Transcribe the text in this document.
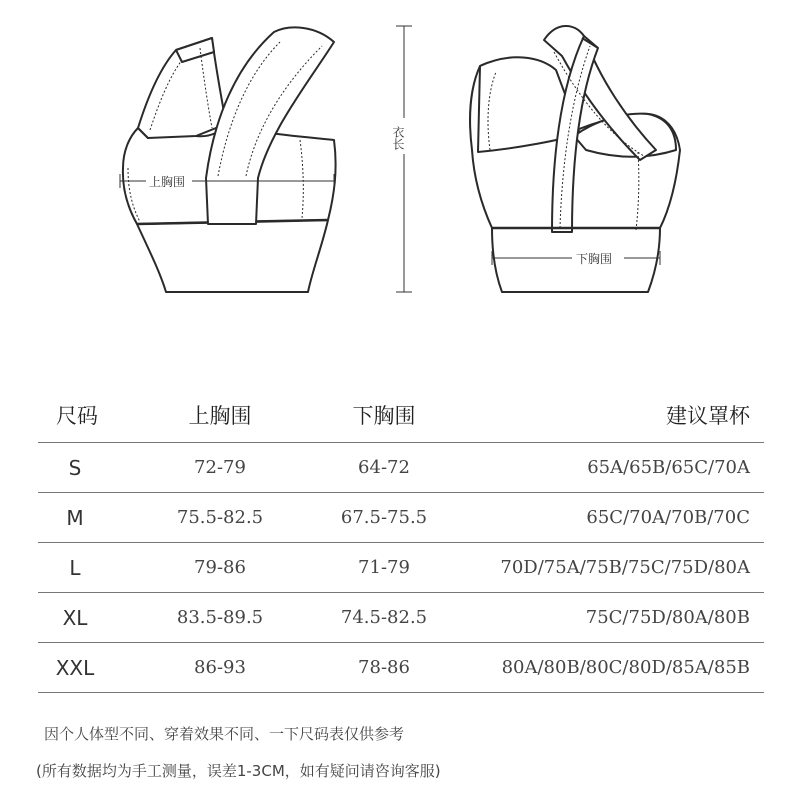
上胸围
衣长
下胸围
尺码	上胸围	下胸围	建议罩杯
S	72-79	64-72	65A/65B/65C/70A
M	75.5-82.5	67.5-75.5	65C/70A/70B/70C
L	79-86	71-79	70D/75A/75B/75C/75D/80A
XL	83.5-89.5	74.5-82.5	75C/75D/80A/80B
XXL	86-93	78-86	80A/80B/80C/80D/85A/85B
因个人体型不同、穿着效果不同、一下尺码表仅供参考
(所有数据均为手工测量，误差1-3CM，如有疑问请咨询客服)
